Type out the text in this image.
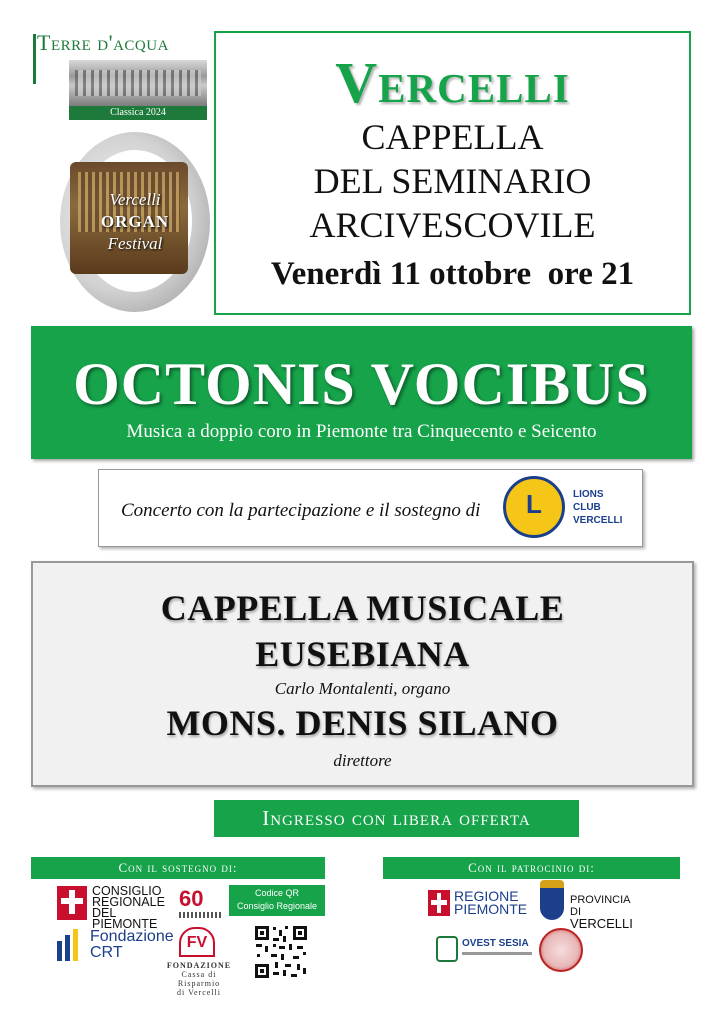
Terre d'acqua
Classica 2024
Vercelli
ORGAN
Festival
Vercelli
CAPPELLA
DEL SEMINARIO
ARCIVESCOVILE
Venerdì 11 ottobre  ore 21
OCTONIS VOCIBUS
Musica a doppio coro in Piemonte tra Cinquecento e Seicento
Concerto con la partecipazione e il sostegno di	L	LIONS
CLUB
VERCELLI
CAPPELLA MUSICALE
EUSEBIANA
Carlo Montalenti, organo
MONS. DENIS SILANO
direttore
Ingresso con libera offerta
Con il sostegno di:	Con il patrocinio di:
CONSIGLIO
REGIONALE
DEL PIEMONTE
60	Codice QR
Consiglio Regionale
Fondazione
CRT
FV
FONDAZIONE
Cassa di Risparmio
di Vercelli
REGIONE
PIEMONTE
PROVINCIA DI
VERCELLI
OVEST SESIA
